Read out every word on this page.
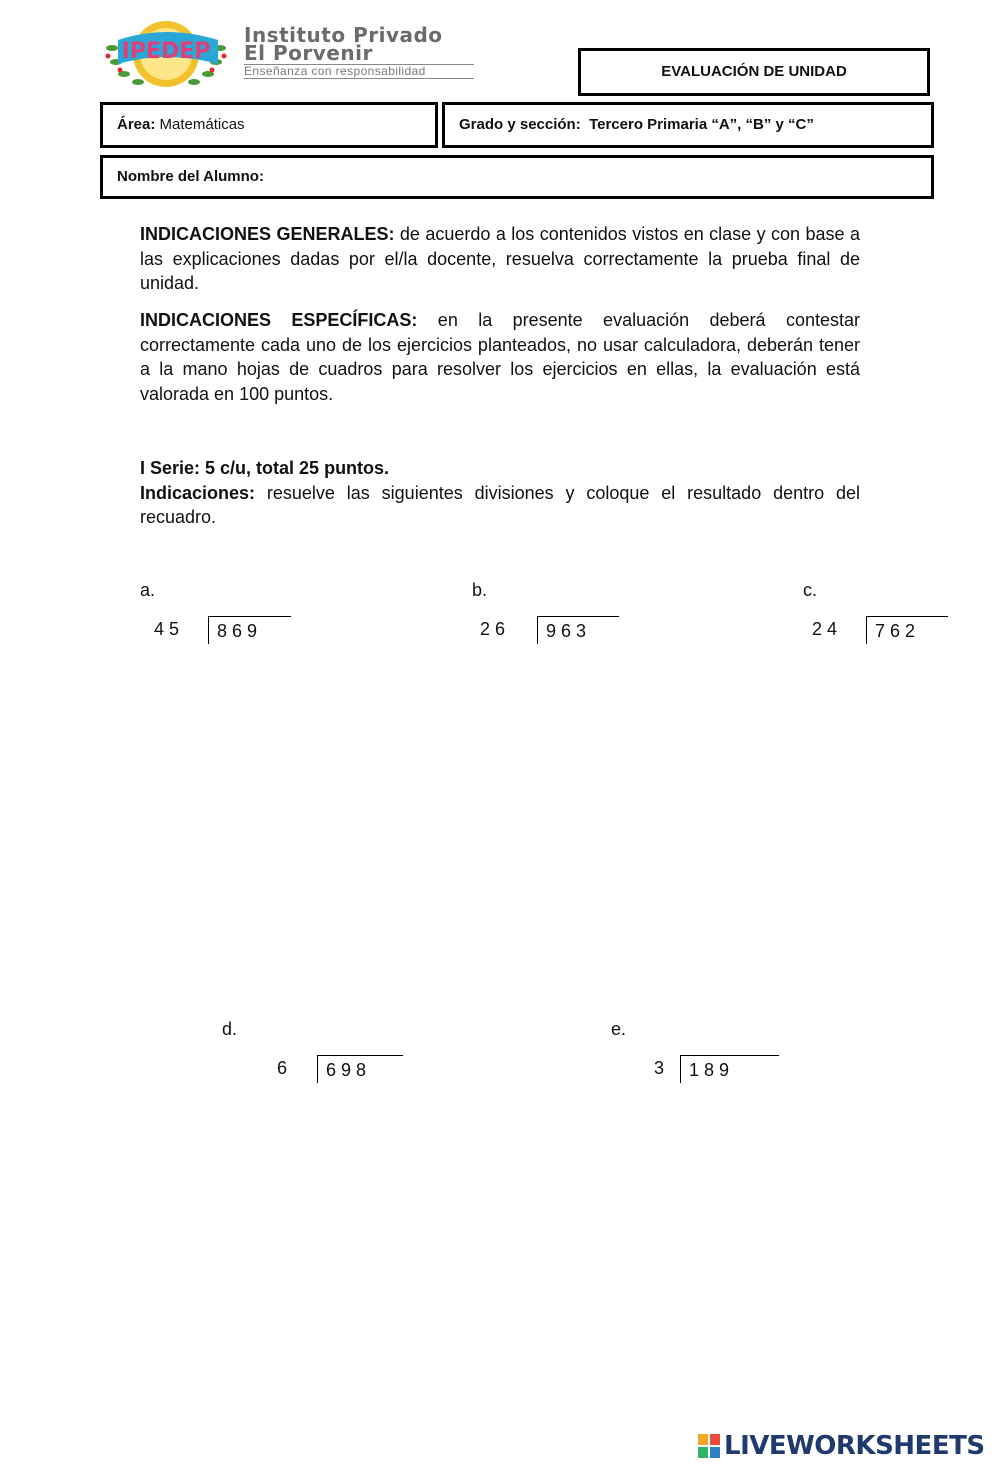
IPEDEP
Instituto Privado
El Porvenir
Enseñanza con responsabilidad	EVALUACIÓN DE UNIDAD
Área: Matemáticas	Grado y sección: Tercero Primaria “A”, “B” y “C”
Nombre del Alumno:
INDICACIONES GENERALES: de acuerdo a los contenidos vistos en clase y con base a las explicaciones dadas por el/la docente, resuelva correctamente la prueba final de unidad.
INDICACIONES ESPECÍFICAS: en la presente evaluación deberá contestar correctamente cada uno de los ejercicios planteados, no usar calculadora, deberán tener a la mano hojas de cuadros para resolver los ejercicios en ellas, la evaluación está valorada en 100 puntos.
I Serie: 5 c/u, total 25 puntos.
Indicaciones: resuelve las siguientes divisiones y coloque el resultado dentro del recuadro.
a.
45	869
b.
26	963
c.
24	762
d.
6	698
e.
3	189
LIVEWORKSHEETS
